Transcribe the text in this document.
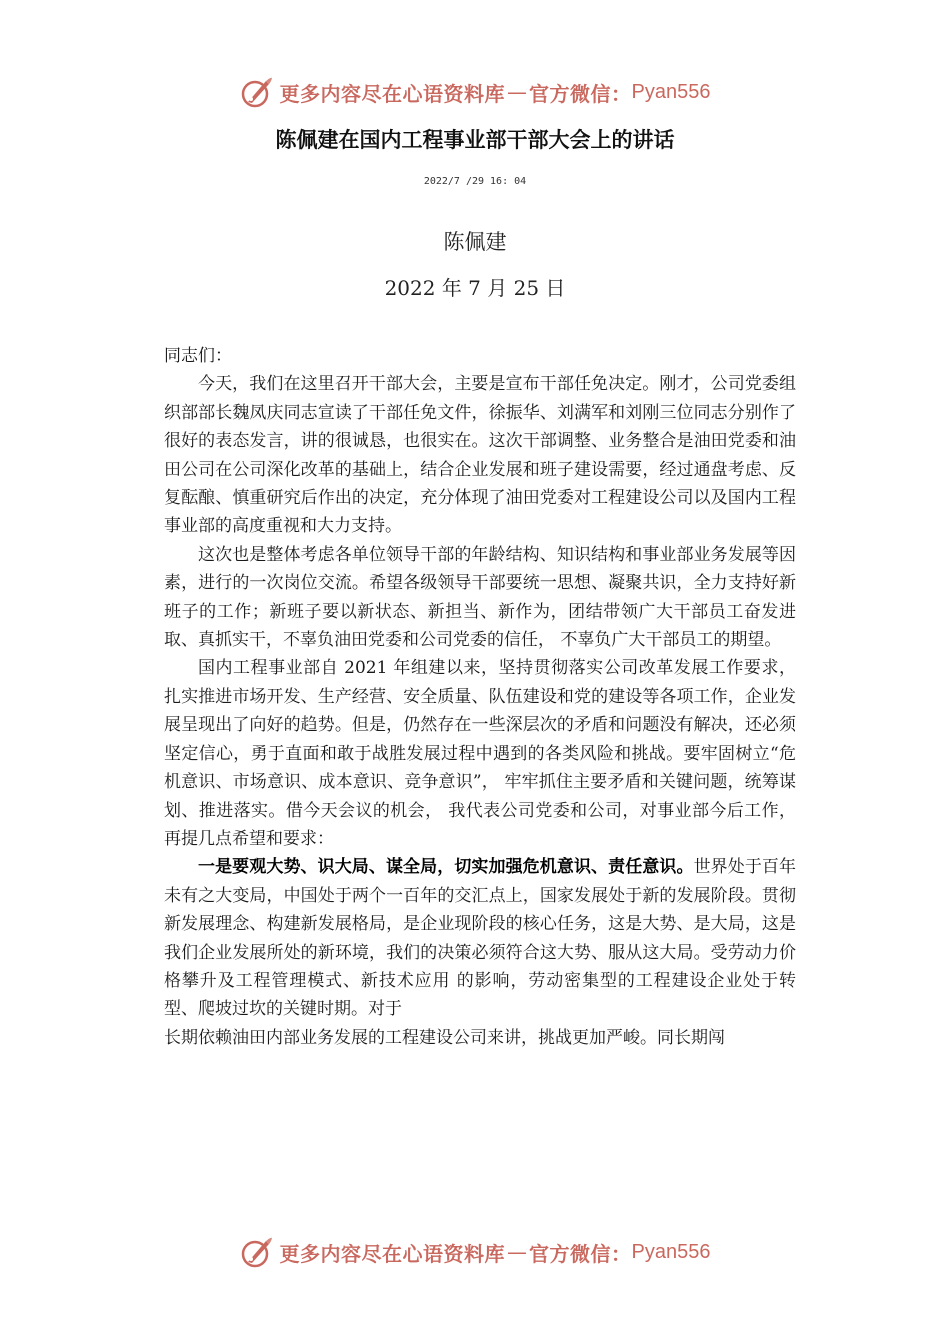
更多内容尽在心语资料库 — 官方微信： Pyan556
陈佩建在国内工程事业部干部大会上的讲话
2022/7 /29 16: 04
陈佩建
2022 年 7 月 25 日

同志们：

今天，我们在这里召开干部大会，主要是宣布干部任免决定。刚才，公司党委组织部部长魏凤庆同志宣读了干部任免文件，徐振华、刘满军和刘刚三位同志分别作了很好的表态发言，讲的很诚恳，也很实在。这次干部调整、业务整合是油田党委和油田公司在公司深化改革的基础上，结合企业发展和班子建设需要，经过通盘考虑、反复酝酿、慎重研究后作出的决定，充分体现了油田党委对工程建设公司以及国内工程事业部的高度重视和大力支持。

这次也是整体考虑各单位领导干部的年龄结构、知识结构和事业部业务发展等因素，进行的一次岗位交流。希望各级领导干部要统一思想、凝聚共识，全力支持好新班子的工作；新班子要以新状态、新担当、新作为，团结带领广大干部员工奋发进取、真抓实干，不辜负油田党委和公司党委的信任， 不辜负广大干部员工的期望。

国内工程事业部自 2021 年组建以来，坚持贯彻落实公司改革发展工作要求，扎实推进市场开发、生产经营、安全质量、队伍建设和党的建设等各项工作，企业发展呈现出了向好的趋势。但是，仍然存在一些深层次的矛盾和问题没有解决，还必须坚定信心，勇于直面和敢于战胜发展过程中遇到的各类风险和挑战。要牢固树立“危机意识、市场意识、成本意识、竞争意识”， 牢牢抓住主要矛盾和关键问题，统筹谋划、推进落实。借今天会议的机会， 我代表公司党委和公司，对事业部今后工作，再提几点希望和要求：

一是要观大势、识大局、谋全局，切实加强危机意识、责任意识。世界处于百年未有之大变局，中国处于两个一百年的交汇点上，国家发展处于新的发展阶段。贯彻新发展理念、构建新发展格局，是企业现阶段的核心任务，这是大势、是大局，这是我们企业发展所处的新环境，我们的决策必须符合这大势、服从这大局。受劳动力价格攀升及工程管理模式、新技术应用 的影响，劳动密集型的工程建设企业处于转型、爬坡过坎的关键时期。对于

长期依赖油田内部业务发展的工程建设公司来讲，挑战更加严峻。同长期闯

更多内容尽在心语资料库 — 官方微信： Pyan556
